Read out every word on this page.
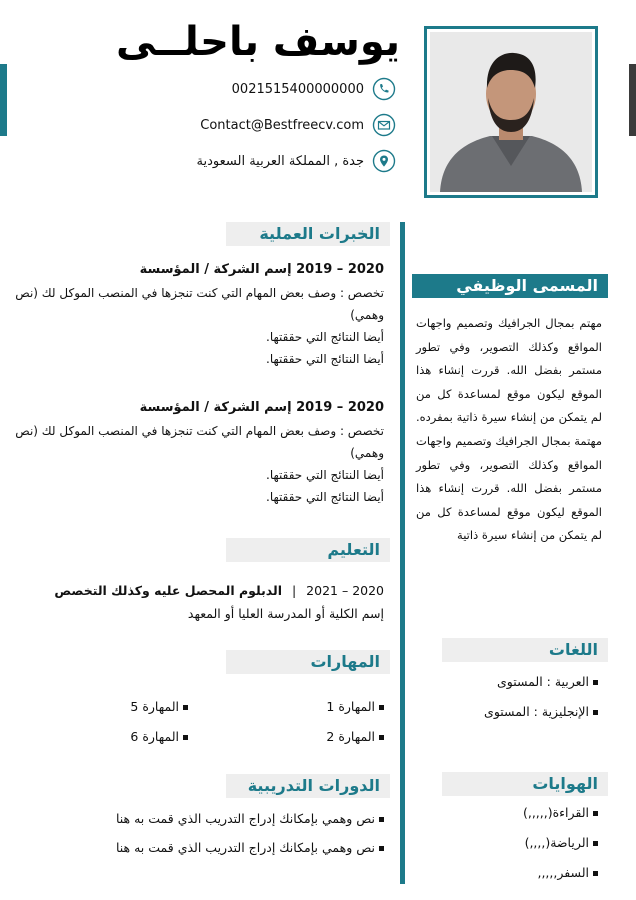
يوسف باحلــى
0021515400000000
Contact@Bestfreecv.com
جدة , المملكة العربية السعودية
الخبرات العملية
2020 – 2019 إسم الشركة / المؤسسة
تخصص : وصف بعض المهام التي كنت تنجزها في المنصب الموكل لك (نص وهمي)
أيضا النتائج التي حققتها.
أيضا النتائج التي حققتها.
2020 – 2019 إسم الشركة / المؤسسة
تخصص : وصف بعض المهام التي كنت تنجزها في المنصب الموكل لك (نص وهمي)
أيضا النتائج التي حققتها.
أيضا النتائج التي حققتها.
التعليم
2020 – 2021 | الدبلوم المحصل عليه وكذلك التخصص
إسم الكلية أو المدرسة العليا أو المعهد
المهارات
المهارة 1
المهارة 5
المهارة 2
المهارة 6
الدورات التدريبية
نص وهمي بإمكانك إدراج التدريب الذي قمت به هنا
نص وهمي بإمكانك إدراج التدريب الذي قمت به هنا
المسمى الوظيفي
مهتم بمجال الجرافيك وتصميم واجهات المواقع وكذلك التصوير، وفي تطور مستمر بفضل الله. قررت إنشاء هذا الموقع ليكون موقع لمساعدة كل من لم يتمكن من إنشاء سيرة ذاتية بمفرده. مهتمة بمجال الجرافيك وتصميم واجهات المواقع وكذلك التصوير، وفي تطور مستمر بفضل الله. قررت إنشاء هذا الموقع ليكون موقع لمساعدة كل من لم يتمكن من إنشاء سيرة ذاتية
اللغات
العربية : المستوى
الإنجليزية : المستوى
الهوايات
القراءة(,,,,,)
الرياضة(,,,,)
السفر,,,,,
